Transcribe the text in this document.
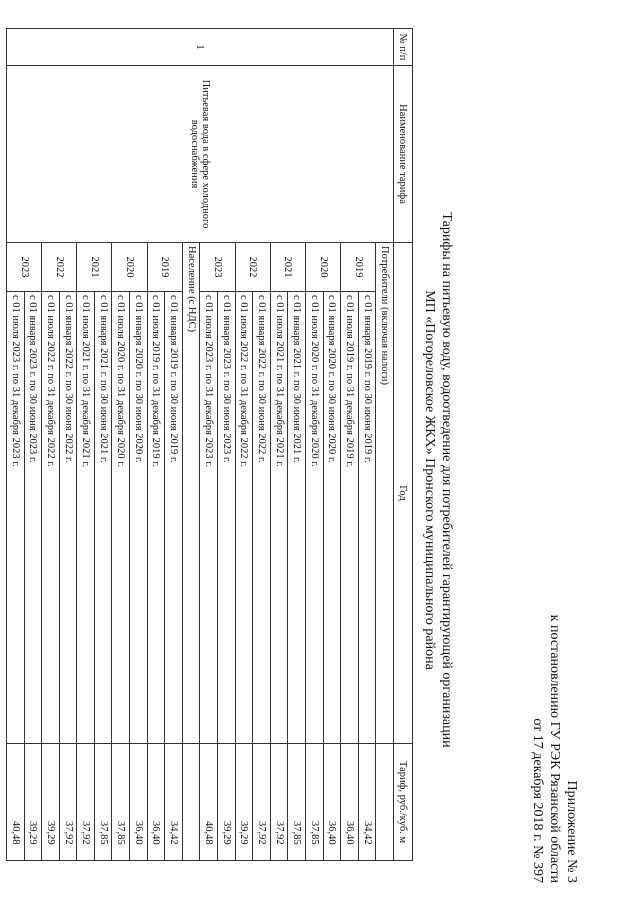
Приложение № 3
к постановлению ГУ РЭК Рязанской области
от 17 декабря 2018 г. № 397
Тарифы на питьевую воду, водоотведение для потребителей гарантирующей организации
МП «Погореловское ЖКХ» Пронского муниципального района
№ п/п	Наименование тарифа	Год		Тариф, руб./куб. м
1	Питьевая вода в сфере холодного водоснабжения	Потребители (включая налоги)		
		2019	с 01 января 2019 г. по 30 июня 2019 г.	34,42
			с 01 июля 2019 г. по 31 декабря 2019 г.	36,40
		2020	с 01 января 2020 г. по 30 июня 2020 г.	36,40
			с 01 июля 2020 г. по 31 декабря 2020 г.	37,85
		2021	с 01 января 2021 г. по 30 июня 2021 г.	37,85
			с 01 июля 2021 г. по 31 декабря 2021 г.	37,92
		2022	с 01 января 2022 г. по 30 июня 2022 г.	37,92
			с 01 июля 2022 г. по 31 декабря 2022 г.	39,29
		2023	с 01 января 2023 г. по 30 июня 2023 г.	39,29
			с 01 июля 2023 г. по 31 декабря 2023 г.	40,48
		Население (с НДС)		
		2019	с 01 января 2019 г. по 30 июня 2019 г.	34,42
			с 01 июля 2019 г. по 31 декабря 2019 г.	36,40
		2020	с 01 января 2020 г. по 30 июня 2020 г.	36,40
			с 01 июля 2020 г. по 31 декабря 2020 г.	37,85
		2021	с 01 января 2021 г. по 30 июня 2021 г.	37,85
			с 01 июля 2021 г. по 31 декабря 2021 г.	37,92
		2022	с 01 января 2022 г. по 30 июня 2022 г.	37,92
			с 01 июля 2022 г. по 31 декабря 2022 г.	39,29
		2023	с 01 января 2023 г. по 30 июня 2023 г.	39,29
			с 01 июля 2023 г. по 31 декабря 2023 г.	40,48
